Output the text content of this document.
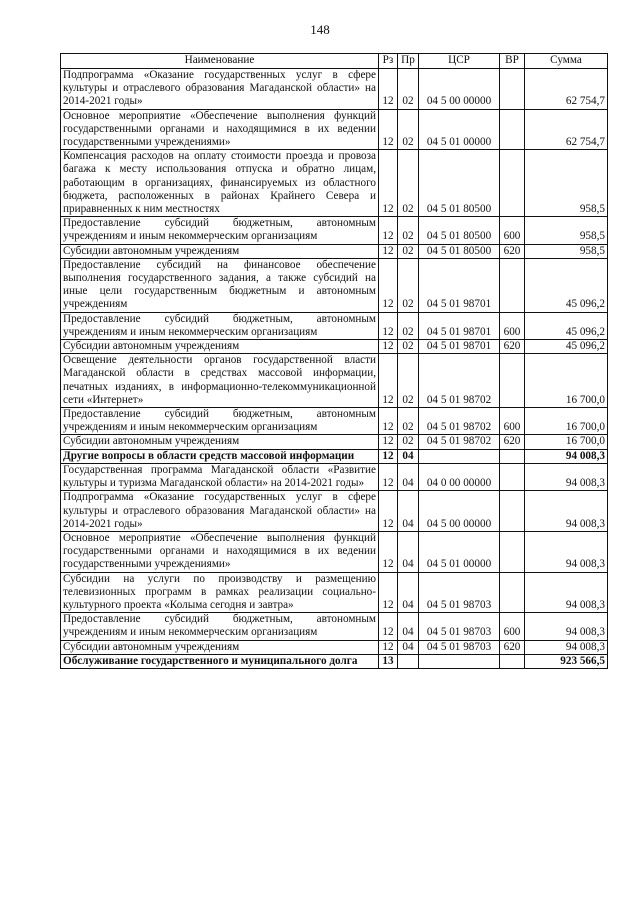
148
Наименование	Рз	Пр	ЦСР	ВР	Сумма
Подпрограмма «Оказание государственных услуг в сфере культуры и отраслевого образования Магаданской области» на 2014-2021 годы»	12	02	04 5 00 00000		62 754,7
Основное мероприятие «Обеспечение выполнения функций государственными органами и находящимися в их ведении государственными учреждениями»	12	02	04 5 01 00000		62 754,7
Компенсация расходов на оплату стоимости проезда и провоза багажа к месту использования отпуска и обратно лицам, работающим в организациях, финансируемых из областного бюджета, расположенных в районах Крайнего Севера и приравненных к ним местностях	12	02	04 5 01 80500		958,5
Предоставление субсидий бюджетным, автономным учреждениям и иным некоммерческим организациям	12	02	04 5 01 80500	600	958,5
Субсидии автономным учреждениям	12	02	04 5 01 80500	620	958,5
Предоставление субсидий на финансовое обеспечение выполнения государственного задания, а также субсидий на иные цели государственным бюджетным и автономным учреждениям	12	02	04 5 01 98701		45 096,2
Предоставление субсидий бюджетным, автономным учреждениям и иным некоммерческим организациям	12	02	04 5 01 98701	600	45 096,2
Субсидии автономным учреждениям	12	02	04 5 01 98701	620	45 096,2
Освещение деятельности органов государственной власти Магаданской области в средствах массовой информации, печатных изданиях, в информационно-телекоммуникационной сети «Интернет»	12	02	04 5 01 98702		16 700,0
Предоставление субсидий бюджетным, автономным учреждениям и иным некоммерческим организациям	12	02	04 5 01 98702	600	16 700,0
Субсидии автономным учреждениям	12	02	04 5 01 98702	620	16 700,0
Другие вопросы в области средств массовой информации	12	04			94 008,3
Государственная программа Магаданской области «Развитие культуры и туризма Магаданской области» на 2014-2021 годы»	12	04	04 0 00 00000		94 008,3
Подпрограмма «Оказание государственных услуг в сфере культуры и отраслевого образования Магаданской области» на 2014-2021 годы»	12	04	04 5 00 00000		94 008,3
Основное мероприятие «Обеспечение выполнения функций государственными органами и находящимися в их ведении государственными учреждениями»	12	04	04 5 01 00000		94 008,3
Субсидии на услуги по производству и размещению телевизионных программ в рамках реализации социально-культурного проекта «Колыма сегодня и завтра»	12	04	04 5 01 98703		94 008,3
Предоставление субсидий бюджетным, автономным учреждениям и иным некоммерческим организациям	12	04	04 5 01 98703	600	94 008,3
Субсидии автономным учреждениям	12	04	04 5 01 98703	620	94 008,3
Обслуживание государственного и муниципального долга	13				923 566,5
